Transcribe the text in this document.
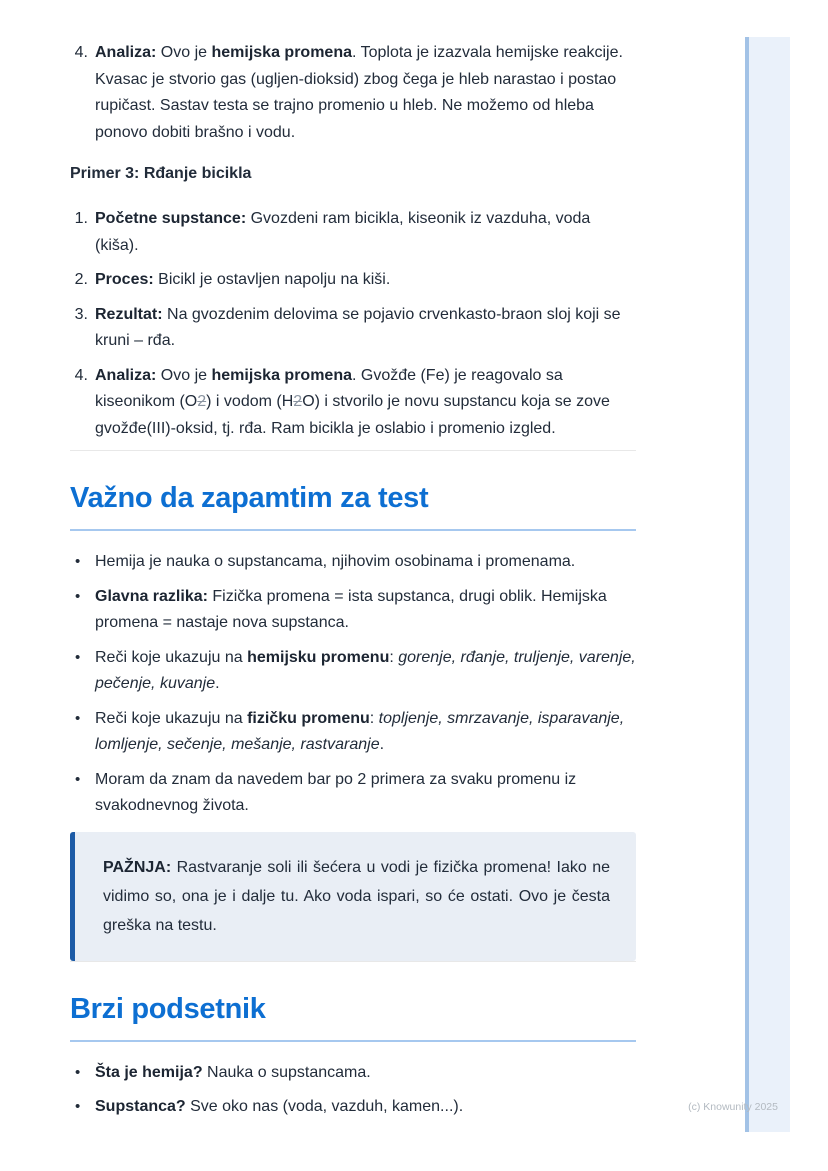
4. Analiza: Ovo je hemijska promena. Toplota je izazvala hemijske reakcije. Kvasac je stvorio gas (ugljen-dioksid) zbog čega je hleb narastao i postao rupičast. Sastav testa se trajno promenio u hleb. Ne možemo od hleba ponovo dobiti brašno i vodu.
Primer 3: Rđanje bicikla
1. Početne supstance: Gvozdeni ram bicikla, kiseonik iz vazduha, voda (kiša).
2. Proces: Bicikl je ostavljen napolju na kiši.
3. Rezultat: Na gvozdenim delovima se pojavio crvenkasto-braon sloj koji se kruni – rđa.
4. Analiza: Ovo je hemijska promena. Gvožđe (Fe) je reagovalo sa kiseonikom (O2) i vodom (H2O) i stvorilo je novu supstancu koja se zove gvožđe(III)-oksid, tj. rđa. Ram bicikla je oslabio i promenio izgled.
Važno da zapamtim za test
• Hemija je nauka o supstancama, njihovim osobinama i promenama.
• Glavna razlika: Fizička promena = ista supstanca, drugi oblik. Hemijska promena = nastaje nova supstanca.
• Reči koje ukazuju na hemijsku promenu: gorenje, rđanje, truljenje, varenje, pečenje, kuvanje.
• Reči koje ukazuju na fizičku promenu: topljenje, smrzavanje, isparavanje, lomljenje, sečenje, mešanje, rastvaranje.
• Moram da znam da navedem bar po 2 primera za svaku promenu iz svakodnevnog života.

PAŽNJA: Rastvaranje soli ili šećera u vodi je fizička promena! Iako ne vidimo so, ona je i dalje tu. Ako voda ispari, so će ostati. Ovo je česta greška na testu.

Brzi podsetnik
• Šta je hemija? Nauka o supstancama.
• Supstanca? Sve oko nas (voda, vazduh, kamen...).	(c) Knowunity 2025
